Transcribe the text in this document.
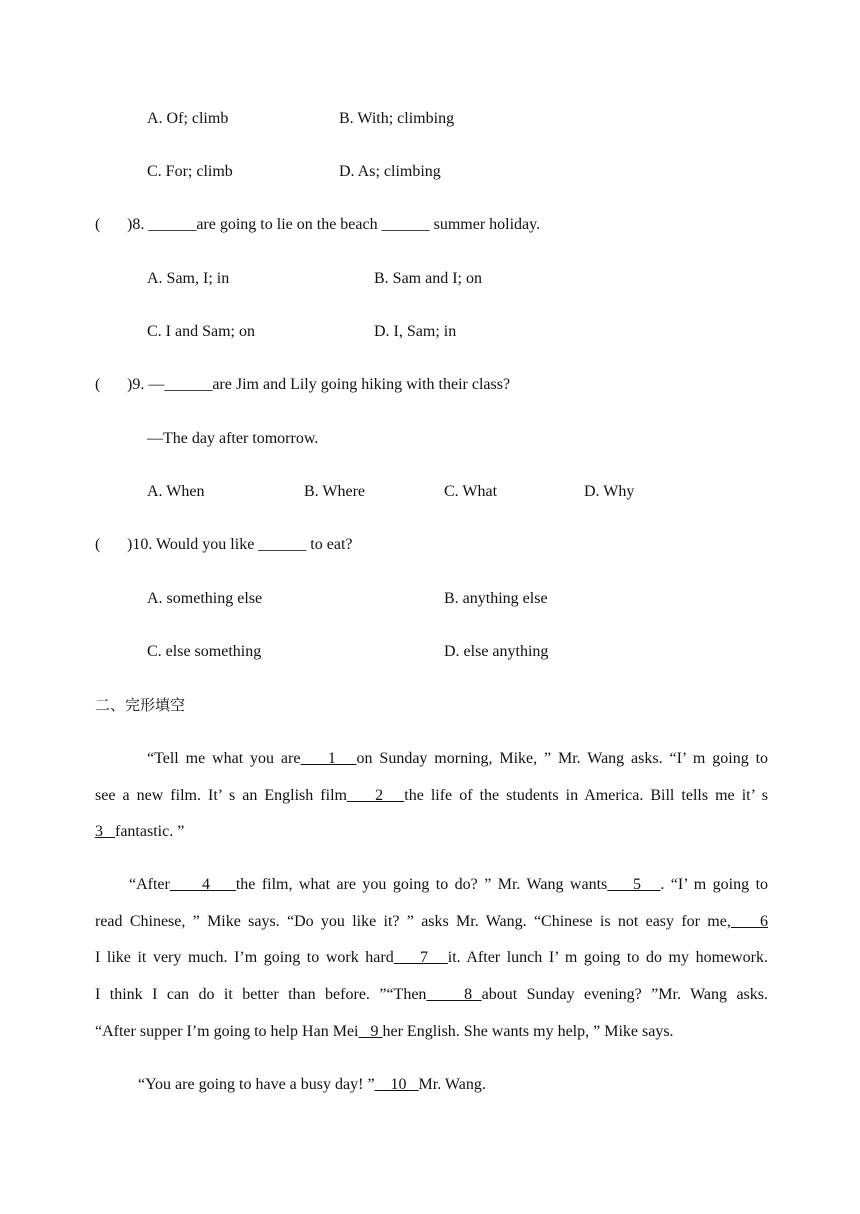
A. Of; climb	B. With; climbing
C. For; climb	D. As; climbing
( )8. ______are going to lie on the beach ______ summer holiday.
A. Sam, I; in	B. Sam and I; on
C. I and Sam; on	D. I, Sam; in
( )9. —______are Jim and Lily going hiking with their class?
—The day after tomorrow.
A. When	B. Where	C. What	D. Why
( )10. Would you like ______ to eat?
A. something else	B. anything else
C. else something	D. else anything
二、完形填空
“Tell me what you are    1   on Sunday morning, Mike, ” Mr. Wang asks. “I’ m going to
see a new film. It’ s an English film    2   the life of the students in America. Bill tells me it’ s
3   fantastic. ”
“After     4    the film, what are you going to do? ” Mr. Wang wants    5   . “I’ m going to
read Chinese, ” Mike says. “Do you like it? ” asks Mr. Wang. “Chinese is not easy for me,    6
I like it very much. I’m going to work hard    7   it. After lunch I’ m going to do my homework.
I think I can do it better than before. ”“Then    8 about Sunday evening? ”Mr. Wang asks.
“After supper I’m going to help Han Mei   9 her English. She wants my help, ” Mike says.
“You are going to have a busy day! ”    10   Mr. Wang.
